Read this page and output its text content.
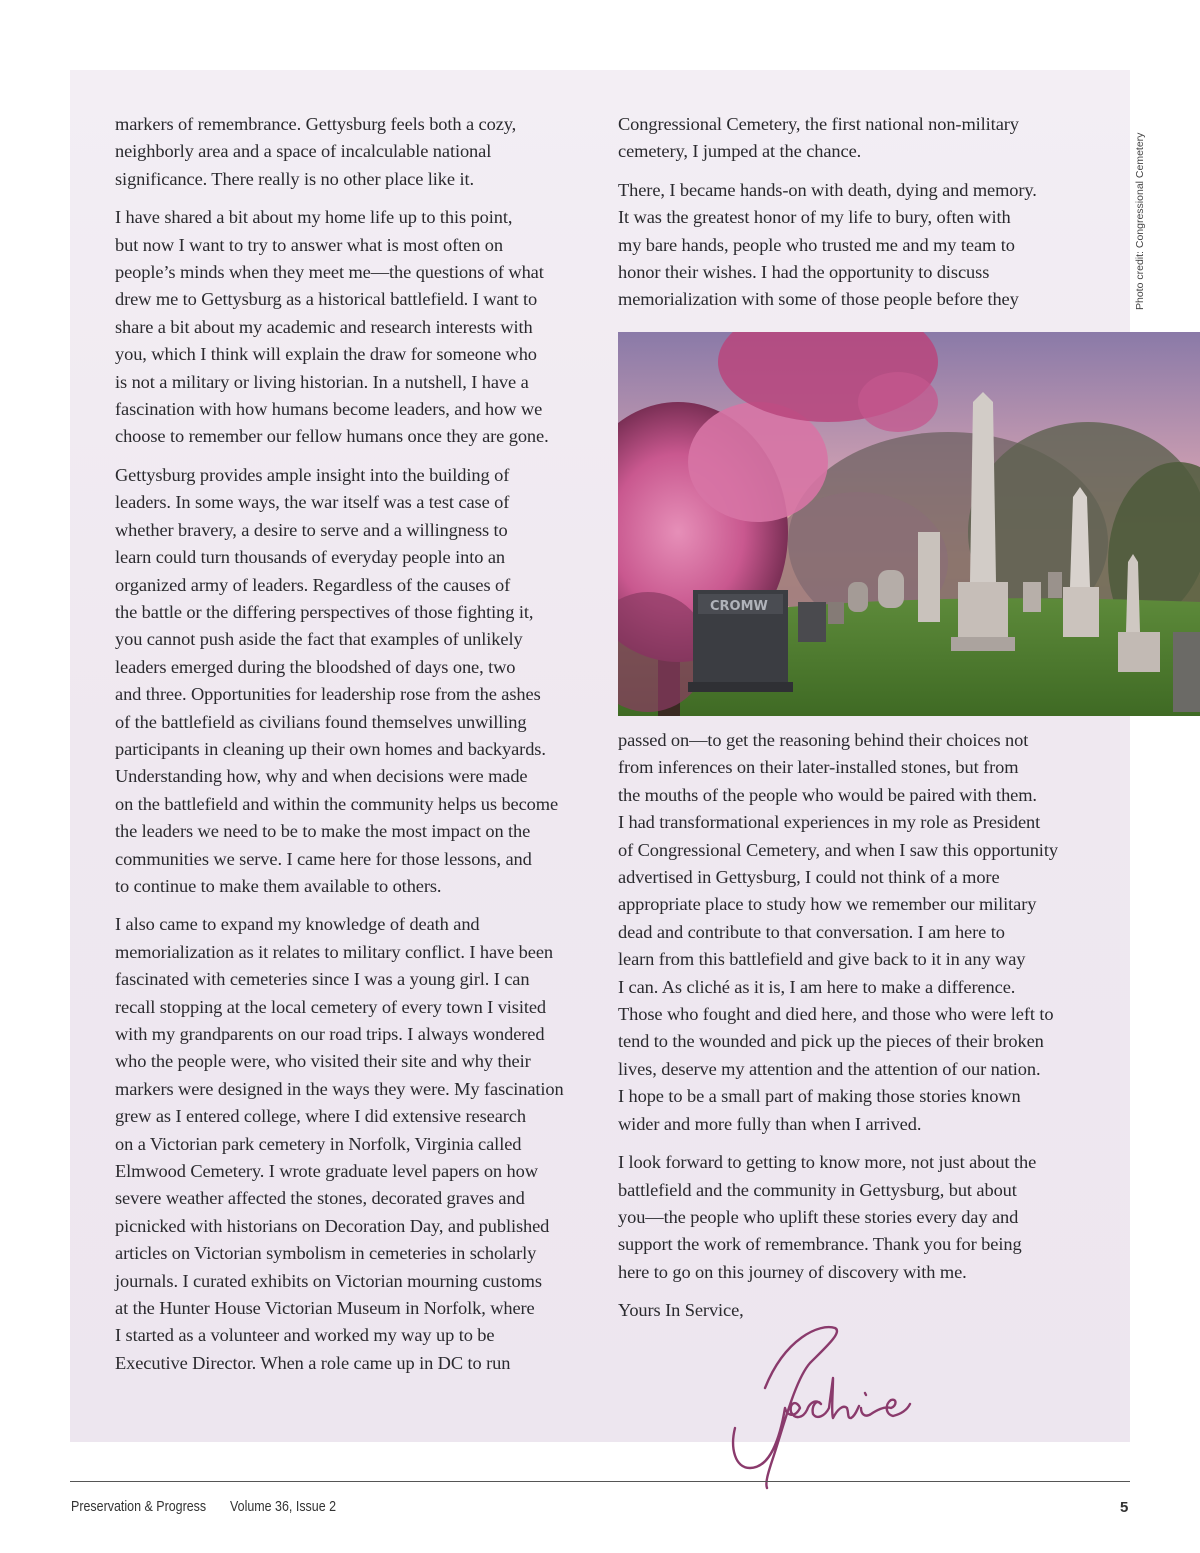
markers of remembrance. Gettysburg feels both a cozy,
neighborly area and a space of incalculable national
significance. There really is no other place like it.

I have shared a bit about my home life up to this point,
but now I want to try to answer what is most often on
people’s minds when they meet me—the questions of what
drew me to Gettysburg as a historical battlefield. I want to
share a bit about my academic and research interests with
you, which I think will explain the draw for someone who
is not a military or living historian. In a nutshell, I have a
fascination with how humans become leaders, and how we
choose to remember our fellow humans once they are gone.

Gettysburg provides ample insight into the building of
leaders. In some ways, the war itself was a test case of
whether bravery, a desire to serve and a willingness to
learn could turn thousands of everyday people into an
organized army of leaders. Regardless of the causes of
the battle or the differing perspectives of those fighting it,
you cannot push aside the fact that examples of unlikely
leaders emerged during the bloodshed of days one, two
and three. Opportunities for leadership rose from the ashes
of the battlefield as civilians found themselves unwilling
participants in cleaning up their own homes and backyards.
Understanding how, why and when decisions were made
on the battlefield and within the community helps us become
the leaders we need to be to make the most impact on the
communities we serve. I came here for those lessons, and
to continue to make them available to others.

I also came to expand my knowledge of death and
memorialization as it relates to military conflict. I have been
fascinated with cemeteries since I was a young girl. I can
recall stopping at the local cemetery of every town I visited
with my grandparents on our road trips. I always wondered
who the people were, who visited their site and why their
markers were designed in the ways they were. My fascination
grew as I entered college, where I did extensive research
on a Victorian park cemetery in Norfolk, Virginia called
Elmwood Cemetery. I wrote graduate level papers on how
severe weather affected the stones, decorated graves and
picnicked with historians on Decoration Day, and published
articles on Victorian symbolism in cemeteries in scholarly
journals. I curated exhibits on Victorian mourning customs
at the Hunter House Victorian Museum in Norfolk, where
I started as a volunteer and worked my way up to be
Executive Director. When a role came up in DC to run

Congressional Cemetery, the first national non-military
cemetery, I jumped at the chance.

There, I became hands-on with death, dying and memory.
It was the greatest honor of my life to bury, often with
my bare hands, people who trusted me and my team to
honor their wishes. I had the opportunity to discuss
memorialization with some of those people before they

passed on—to get the reasoning behind their choices not
from inferences on their later-installed stones, but from
the mouths of the people who would be paired with them.
I had transformational experiences in my role as President
of Congressional Cemetery, and when I saw this opportunity
advertised in Gettysburg, I could not think of a more
appropriate place to study how we remember our military
dead and contribute to that conversation. I am here to
learn from this battlefield and give back to it in any way
I can. As cliché as it is, I am here to make a difference.
Those who fought and died here, and those who were left to
tend to the wounded and pick up the pieces of their broken
lives, deserve my attention and the attention of our nation.
I hope to be a small part of making those stories known
wider and more fully than when I arrived.

I look forward to getting to know more, not just about the
battlefield and the community in Gettysburg, but about
you—the people who uplift these stories every day and
support the work of remembrance. Thank you for being
here to go on this journey of discovery with me.

Yours In Service,

CROMW
Photo credit: Congressional Cemetery
Preservation & Progress Volume 36, Issue 2	5
